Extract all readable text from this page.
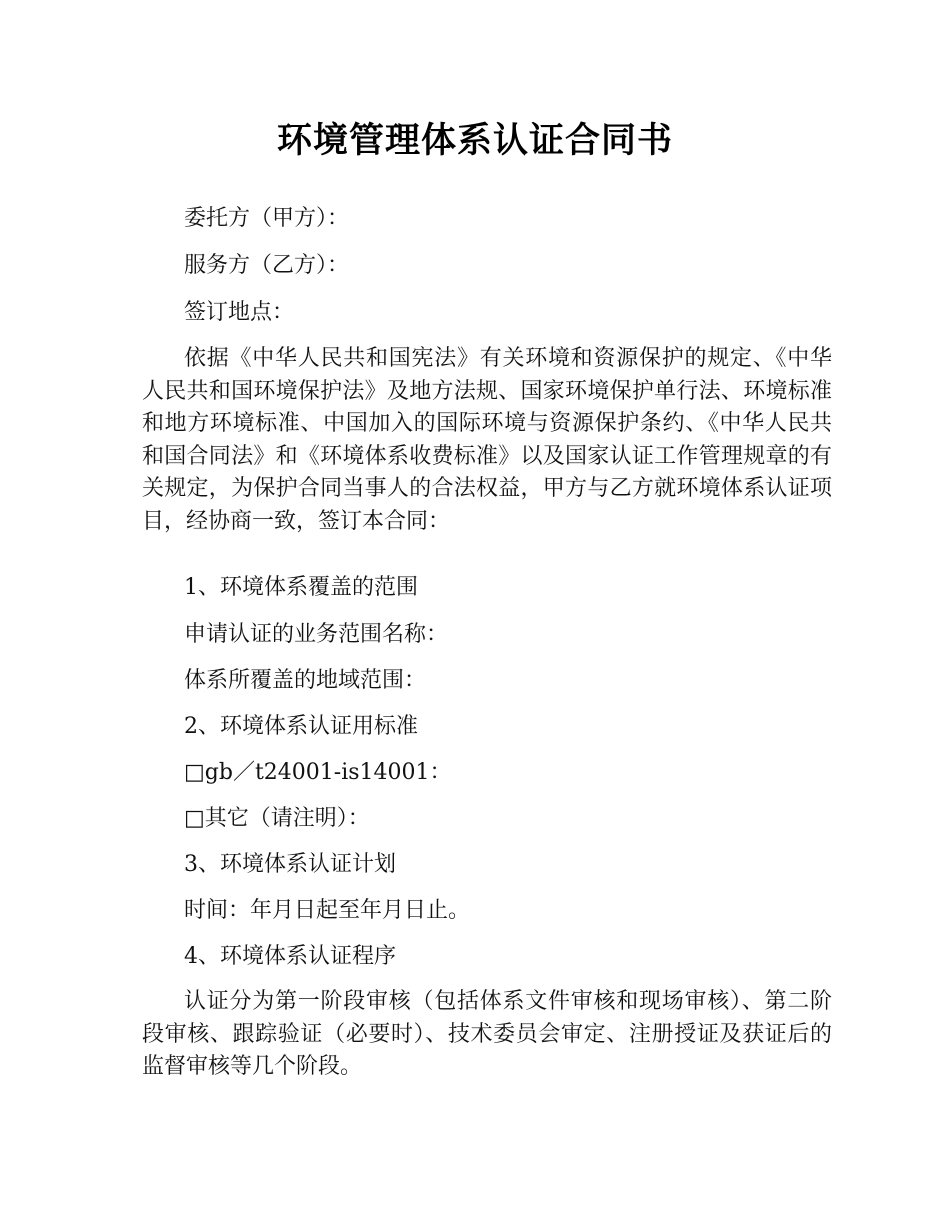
环境管理体系认证合同书
委托方（甲方）：
服务方（乙方）：
签订地点：
依据《中华人民共和国宪法》有关环境和资源保护的规定、《中华人民共和国环境保护法》及地方法规、国家环境保护单行法、环境标准和地方环境标准、中国加入的国际环境与资源保护条约、《中华人民共和国合同法》和《环境体系收费标准》以及国家认证工作管理规章的有关规定，为保护合同当事人的合法权益，甲方与乙方就环境体系认证项目，经协商一致，签订本合同：
1、环境体系覆盖的范围
申请认证的业务范围名称：
体系所覆盖的地域范围：
2、环境体系认证用标准
□gb／t24001-is14001：
□其它（请注明）：
3、环境体系认证计划
时间：年月日起至年月日止。
4、环境体系认证程序
认证分为第一阶段审核（包括体系文件审核和现场审核）、第二阶段审核、跟踪验证（必要时）、技术委员会审定、注册授证及获证后的监督审核等几个阶段。
